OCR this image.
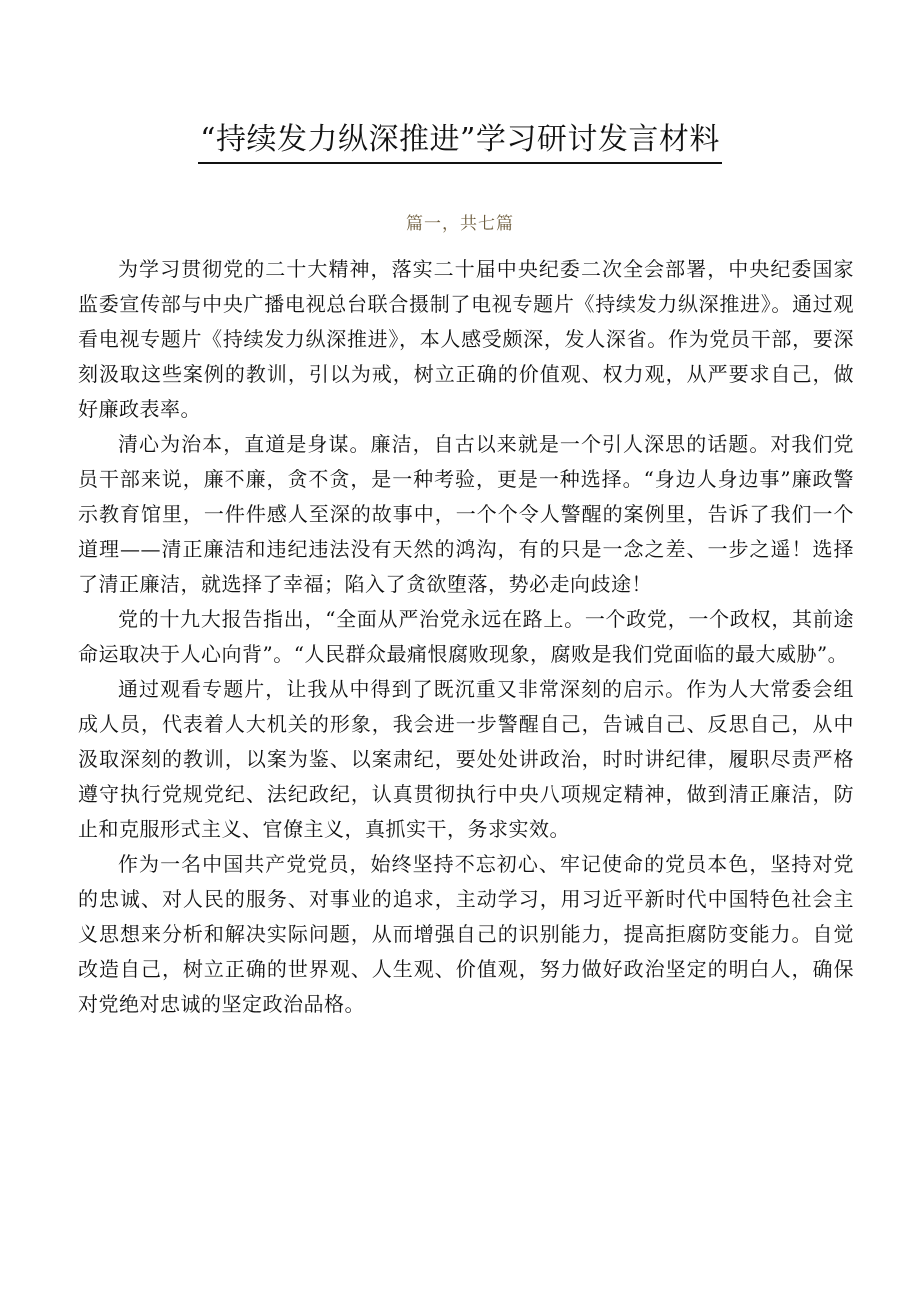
“持续发力纵深推进”学习研讨发言材料
篇一，共七篇

为学习贯彻党的二十大精神，落实二十届中央纪委二次全会部署，中央纪委国家监委宣传部与中央广播电视总台联合摄制了电视专题片《持续发力纵深推进》。通过观看电视专题片《持续发力纵深推进》，本人感受颇深，发人深省。作为党员干部，要深刻汲取这些案例的教训，引以为戒，树立正确的价值观、权力观，从严要求自己，做好廉政表率。

清心为治本，直道是身谋。廉洁，自古以来就是一个引人深思的话题。对我们党员干部来说，廉不廉，贪不贪，是一种考验，更是一种选择。“身边人身边事”廉政警示教育馆里，一件件感人至深的故事中，一个个令人警醒的案例里，告诉了我们一个道理——清正廉洁和违纪违法没有天然的鸿沟，有的只是一念之差、一步之遥！选择了清正廉洁，就选择了幸福；陷入了贪欲堕落，势必走向歧途！

党的十九大报告指出，“全面从严治党永远在路上。一个政党，一个政权，其前途命运取决于人心向背”。“人民群众最痛恨腐败现象，腐败是我们党面临的最大威胁”。

通过观看专题片，让我从中得到了既沉重又非常深刻的启示。作为人大常委会组成人员，代表着人大机关的形象，我会进一步警醒自己，告诫自己、反思自己，从中汲取深刻的教训，以案为鉴、以案肃纪，要处处讲政治，时时讲纪律，履职尽责严格遵守执行党规党纪、法纪政纪，认真贯彻执行中央八项规定精神，做到清正廉洁，防止和克服形式主义、官僚主义，真抓实干，务求实效。

作为一名中国共产党党员，始终坚持不忘初心、牢记使命的党员本色，坚持对党的忠诚、对人民的服务、对事业的追求，主动学习，用习近平新时代中国特色社会主义思想来分析和解决实际问题，从而增强自己的识别能力，提高拒腐防变能力。自觉改造自己，树立正确的世界观、人生观、价值观，努力做好政治坚定的明白人，确保对党绝对忠诚的坚定政治品格。
